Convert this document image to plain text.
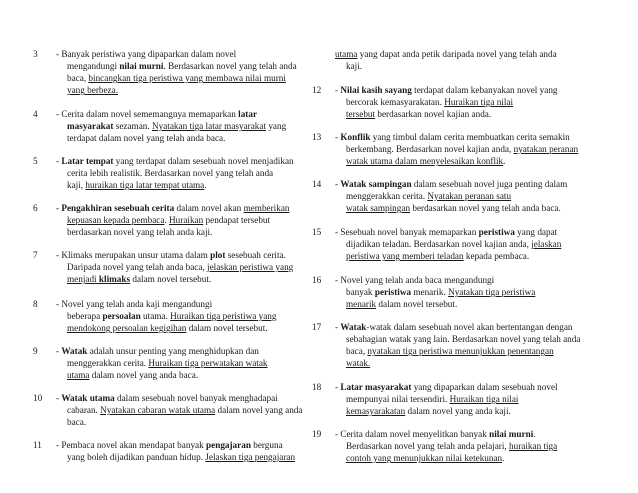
3 - Banyak peristiwa yang dipaparkan dalam novel
mengandungi nilai murni. Berdasarkan novel yang telah anda
baca, bincangkan tiga peristiwa yang membawa nilai murni
yang berbeza.
4 - Cerita dalam novel sememangnya memaparkan latar
masyarakat sezaman. Nyatakan tiga latar masyarakat yang
terdapat dalam novel yang telah anda baca.
5 - Latar tempat yang terdapat dalam sesebuah novel menjadikan
cerita lebih realistik. Berdasarkan novel yang telah anda
kaji, huraikan tiga latar tempat utama.
6 - Pengakhiran sesebuah cerita dalam novel akan memberikan
kepuasan kepada pembaca. Huraikan pendapat tersebut
berdasarkan novel yang telah anda kaji.
7 - Klimaks merupakan unsur utama dalam plot sesebuah cerita.
Daripada novel yang telah anda baca, jelaskan peristiwa yang
menjadi klimaks dalam novel tersebut.
8 - Novel yang telah anda kaji mengandungi
beberapa persoalan utama. Huraikan tiga peristiwa yang
mendokong persoalan kegigihan dalam novel tersebut.
9 - Watak adalah unsur penting yang menghidupkan dan
menggerakkan cerita. Huraikan tiga perwatakan watak
utama dalam novel yang anda baca.
10 - Watak utama dalam sesebuah novel banyak menghadapai
cabaran. Nyatakan cabaran watak utama dalam novel yang anda
baca.
11 - Pembaca novel akan mendapat banyak pengajaran berguna
yang boleh dijadikan panduan hidup. Jelaskan tiga pengajaran
utama yang dapat anda petik daripada novel yang telah anda
kaji.
12 - Nilai kasih sayang terdapat dalam kebanyakan novel yang
bercorak kemasyarakatan. Huraikan tiga nilai
tersebut berdasarkan novel kajian anda.
13 - Konflik yang timbul dalam cerita membuatkan cerita semakin
berkembang. Berdasarkan novel kajian anda, nyatakan peranan
watak utama dalam menyelesaikan konflik.
14 - Watak sampingan dalam sesebuah novel juga penting dalam
menggerakkan cerita. Nyatakan peranan satu
watak sampingan berdasarkan novel yang telah anda baca.
15 - Sesebuah novel banyak memaparkan peristiwa yang dapat
dijadikan teladan. Berdasarkan novel kajian anda, jelaskan
peristiwa yang memberi teladan kepada pembaca.
16 - Novel yang telah anda baca mengandungi
banyak peristiwa menarik. Nyatakan tiga peristiwa
menarik dalam novel tersebut.
17 - Watak-watak dalam sesebuah novel akan bertentangan dengan
sebahagian watak yang lain. Berdasarkan novel yang telah anda
baca, nyatakan tiga peristiwa menunjukkan penentangan
watak.
18 - Latar masyarakat yang dipaparkan dalam sesebuah novel
mempunyai nilai tersendiri. Huraikan tiga nilai
kemasyarakatan dalam novel yang anda kaji.
19 - Cerita dalam novel menyelitkan banyak nilai murni.
Berdasarkan novel yang telah anda pelajari, huraikan tiga
contoh yang menunjukkan nilai ketekunan.
